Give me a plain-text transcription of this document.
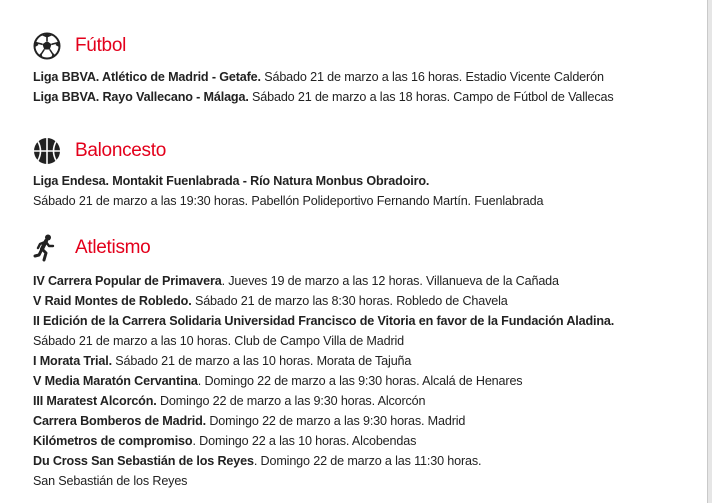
Fútbol
Liga BBVA. Atlético de Madrid - Getafe. Sábado 21 de marzo a las 16 horas. Estadio Vicente Calderón
Liga BBVA. Rayo Vallecano - Málaga. Sábado 21 de marzo a las 18 horas. Campo de Fútbol de Vallecas
Baloncesto
Liga Endesa. Montakit Fuenlabrada - Río Natura Monbus Obradoiro.
Sábado 21 de marzo a las 19:30 horas. Pabellón Polideportivo Fernando Martín. Fuenlabrada
Atletismo
IV Carrera Popular de Primavera. Jueves 19 de marzo a las 12 horas. Villanueva de la Cañada
V Raid Montes de Robledo. Sábado 21 de marzo las 8:30 horas. Robledo de Chavela
II Edición de la Carrera Solidaria Universidad Francisco de Vitoria en favor de la Fundación Aladina.
Sábado 21 de marzo a las 10 horas. Club de Campo Villa de Madrid
I Morata Trial. Sábado 21 de marzo a las 10 horas. Morata de Tajuña
V Media Maratón Cervantina. Domingo 22 de marzo a las 9:30 horas. Alcalá de Henares
III Maratest Alcorcón. Domingo 22 de marzo a las 9:30 horas. Alcorcón
Carrera Bomberos de Madrid. Domingo 22 de marzo a las 9:30 horas. Madrid
Kilómetros de compromiso. Domingo 22 a las 10 horas. Alcobendas
Du Cross San Sebastián de los Reyes. Domingo 22 de marzo a las 11:30 horas.
San Sebastián de los Reyes
